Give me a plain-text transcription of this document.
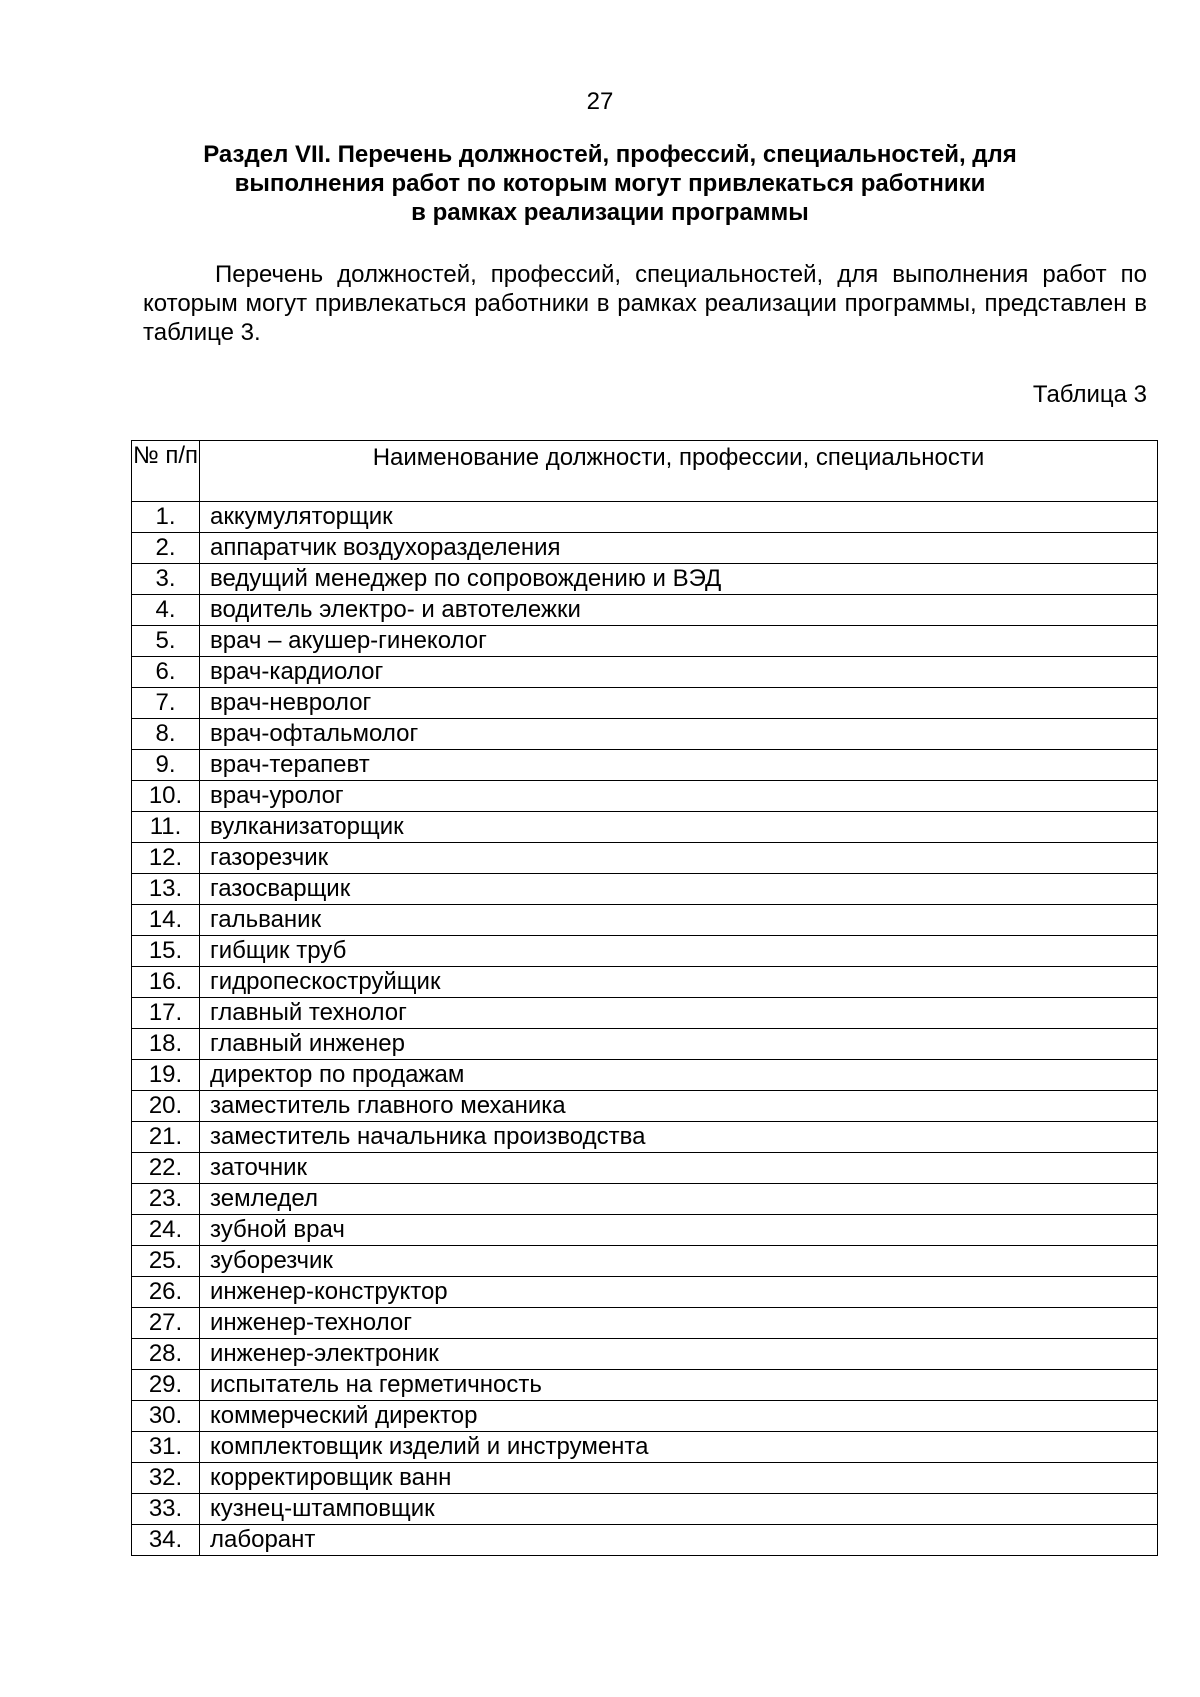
27
Раздел VII. Перечень должностей, профессий, специальностей, для
выполнения работ по которым могут привлекаться работники
в рамках реализации программы
Перечень должностей, профессий, специальностей, для выполнения работ по которым могут привлекаться работники в рамках реализации программы, представлен в таблице 3.
Таблица 3
№ п/п	Наименование должности, профессии, специальности
1.	аккумуляторщик
2.	аппаратчик воздухоразделения
3.	ведущий менеджер по сопровождению и ВЭД
4.	водитель электро- и автотележки
5.	врач – акушер-гинеколог
6.	врач-кардиолог
7.	врач-невролог
8.	врач-офтальмолог
9.	врач-терапевт
10.	врач-уролог
11.	вулканизаторщик
12.	газорезчик
13.	газосварщик
14.	гальваник
15.	гибщик труб
16.	гидропескоструйщик
17.	главный технолог
18.	главный инженер
19.	директор по продажам
20.	заместитель главного механика
21.	заместитель начальника производства
22.	заточник
23.	земледел
24.	зубной врач
25.	зуборезчик
26.	инженер-конструктор
27.	инженер-технолог
28.	инженер-электроник
29.	испытатель на герметичность
30.	коммерческий директор
31.	комплектовщик изделий и инструмента
32.	корректировщик ванн
33.	кузнец-штамповщик
34.	лаборант
